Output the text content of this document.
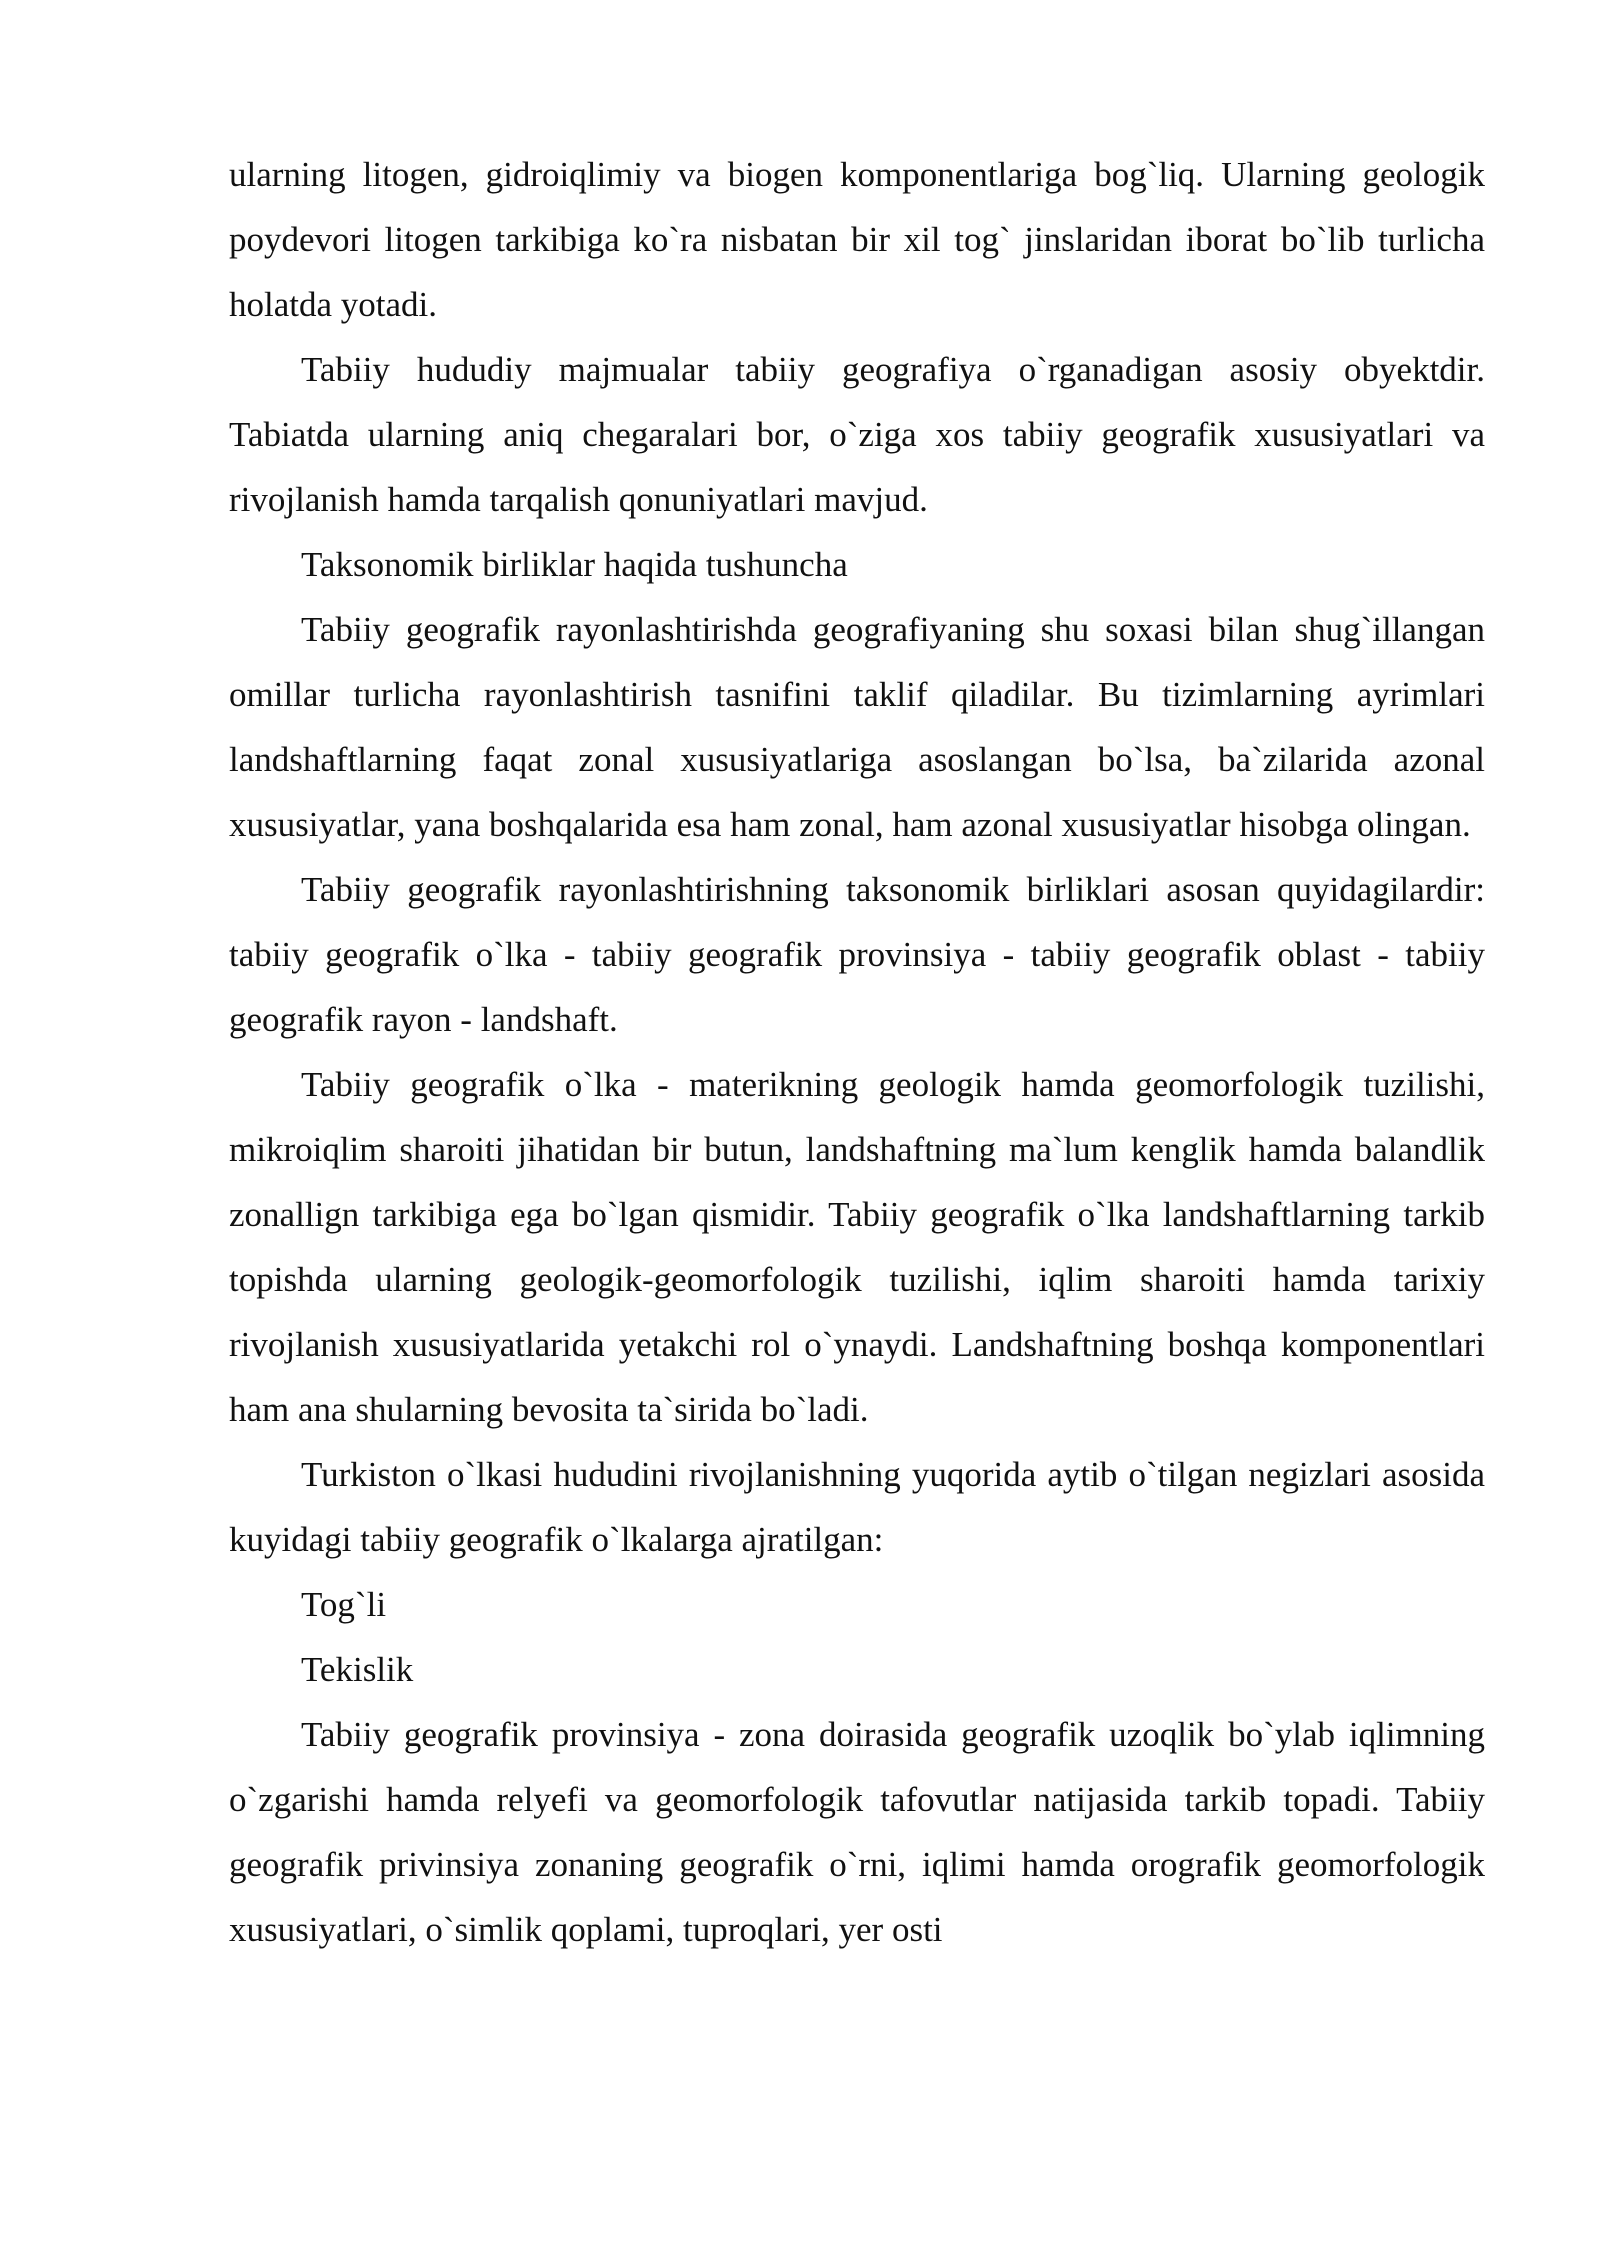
ularning litogen, gidroiqlimiy va biogen komponentlariga bog`liq. Ularning geologik poydevori litogen tarkibiga ko`ra nisbatan bir xil tog` jinslaridan iborat bo`lib turlicha holatda yotadi.

Tabiiy hududiy majmualar tabiiy geografiya o`rganadigan asosiy obyektdir. Tabiatda ularning aniq chegaralari bor, o`ziga xos tabiiy geografik xususiyatlari va rivojlanish hamda tarqalish qonuniyatlari mavjud.

Taksonomik birliklar haqida tushuncha

Tabiiy geografik rayonlashtirishda geografiyaning shu soxasi bilan shug`illangan omillar turlicha rayonlashtirish tasnifini taklif qiladilar. Bu tizimlarning ayrimlari landshaftlarning faqat zonal xususiyatlariga asoslangan bo`lsa, ba`zilarida azonal xususiyatlar, yana boshqalarida esa ham zonal, ham azonal xususiyatlar hisobga olingan.

Tabiiy geografik rayonlashtirishning taksonomik birliklari asosan quyidagilardir: tabiiy geografik o`lka - tabiiy geografik provinsiya - tabiiy geografik oblast - tabiiy geografik rayon - landshaft.

Tabiiy geografik o`lka - materikning geologik hamda geomorfologik tuzilishi, mikroiqlim sharoiti jihatidan bir butun, landshaftning ma`lum kenglik hamda balandlik zonallign tarkibiga ega bo`lgan qismidir. Tabiiy geografik o`lka landshaftlarning tarkib topishda ularning geologik-geomorfologik tuzilishi, iqlim sharoiti hamda tarixiy rivojlanish xususiyatlarida yetakchi rol o`ynaydi. Landshaftning boshqa komponentlari ham ana shularning bevosita ta`sirida bo`ladi.

Turkiston o`lkasi hududini rivojlanishning yuqorida aytib o`tilgan negizlari asosida kuyidagi tabiiy geografik o`lkalarga ajratilgan:

Tog`li

Tekislik

Tabiiy geografik provinsiya - zona doirasida geografik uzoqlik bo`ylab iqlimning o`zgarishi hamda relyefi va geomorfologik tafovutlar natijasida tarkib topadi. Tabiiy geografik privinsiya zonaning geografik o`rni, iqlimi hamda orografik geomorfologik xususiyatlari, o`simlik qoplami, tuproqlari, yer osti
